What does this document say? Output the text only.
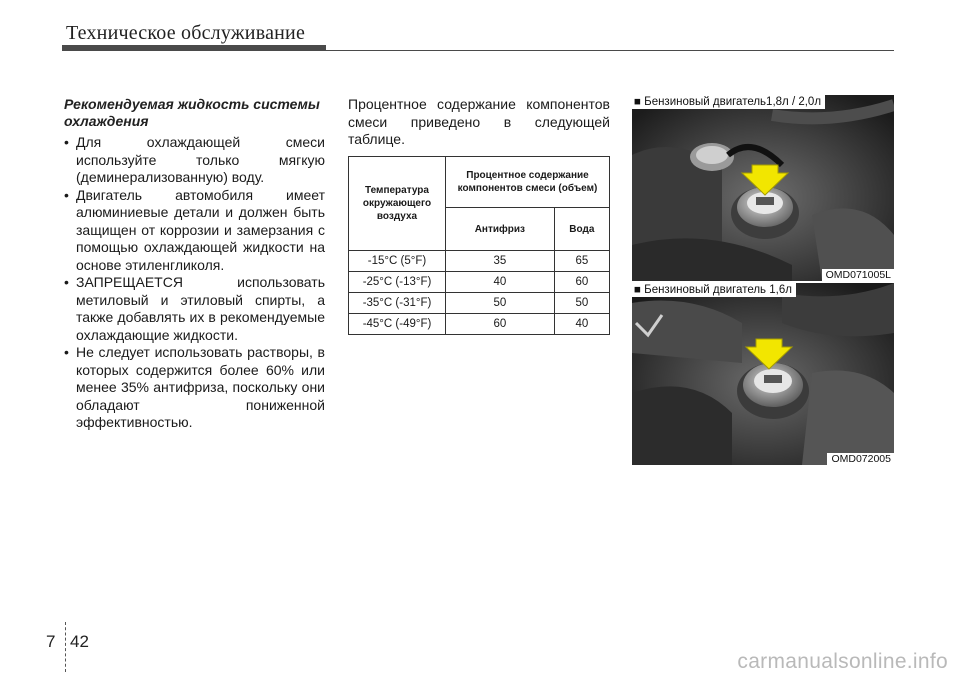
Техническое обслуживание
Рекомендуемая жидкость системы охлаждения
• Для охлаждающей смеси используйте только мягкую (деминерализованную) воду.
• Двигатель автомобиля имеет алюминиевые детали и должен быть защищен от коррозии и замерзания с помощью охлаждающей жидкости на основе этиленгликоля.
• ЗАПРЕЩАЕТСЯ использовать метиловый и этиловый спирты, а также добавлять их в рекомендуемые охлаждающие жидкости.
• Не следует использовать растворы, в которых содержится более 60% или менее 35% антифриза, поскольку они обладают пониженной эффективностью.

Процентное содержание компонентов смеси приведено в следующей таблице.

Температура окружающего воздуха	Процентное содержание компонентов смеси (объем)	
	Антифриз	Вода
-15°C (5°F)	35	65
-25°C (-13°F)	40	60
-35°C (-31°F)	50	50
-45°C (-49°F)	60	40
■ Бензиновый двигатель1,8л / 2,0л
OMD071005L
■ Бензиновый двигатель 1,6л
OMD072005
7 42
carmanualsonline.info
